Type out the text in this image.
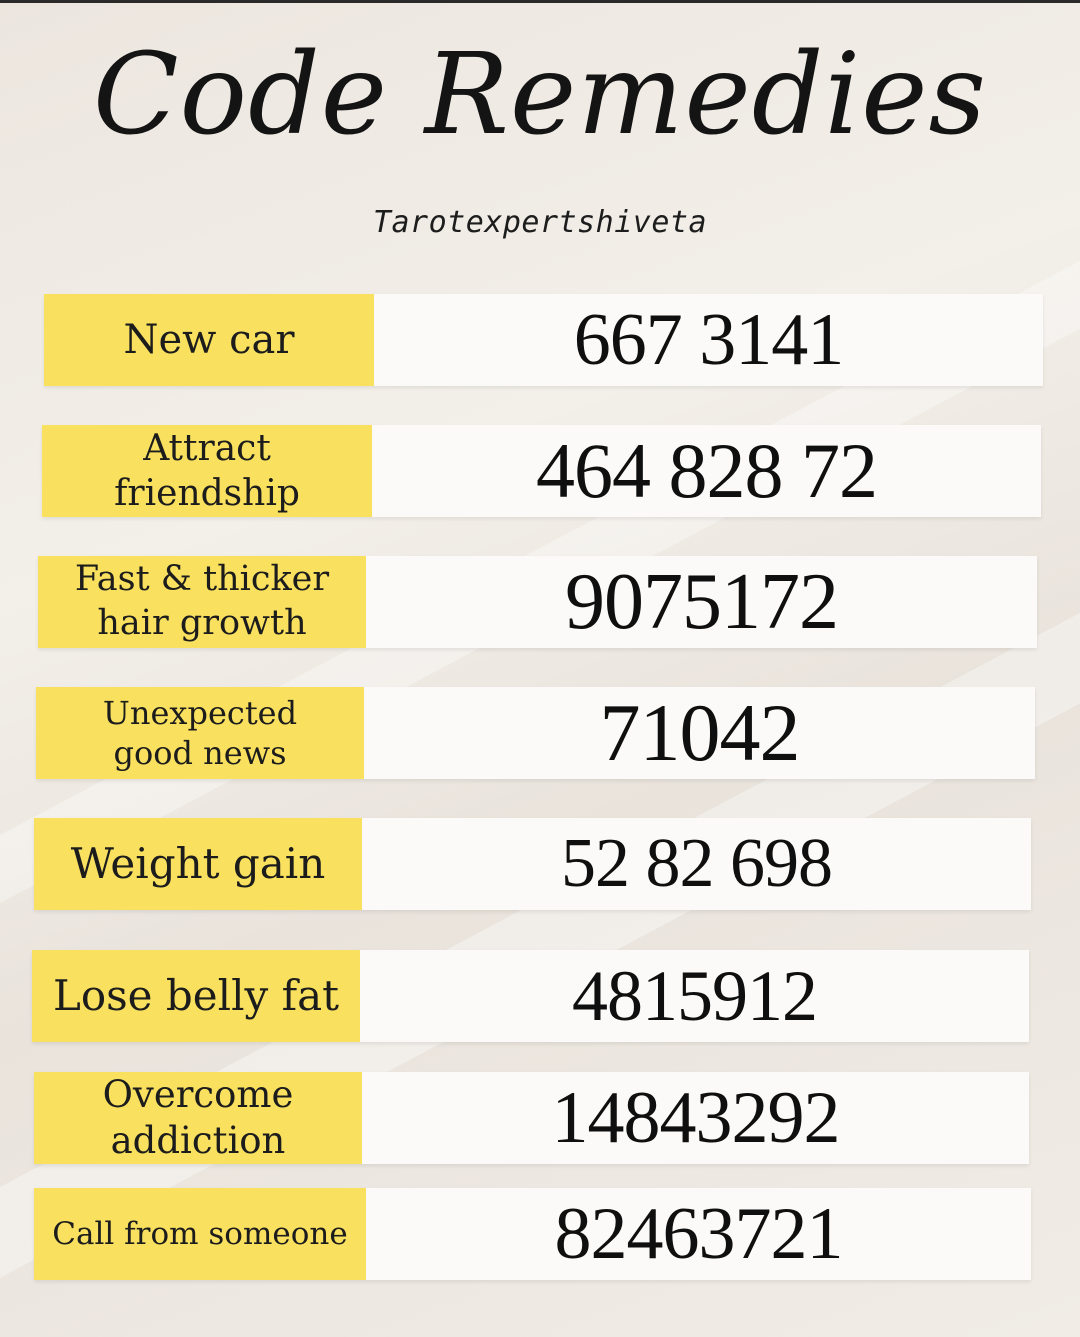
Code Remedies
Tarotexpertshiveta
New car	667 3141
Attract friendship	464 828 72
Fast & thicker hair growth	9075172
Unexpected good news	71042
Weight gain	52 82 698
Lose belly fat	4815912
Overcome addiction	14843292
Call from someone	82463721
